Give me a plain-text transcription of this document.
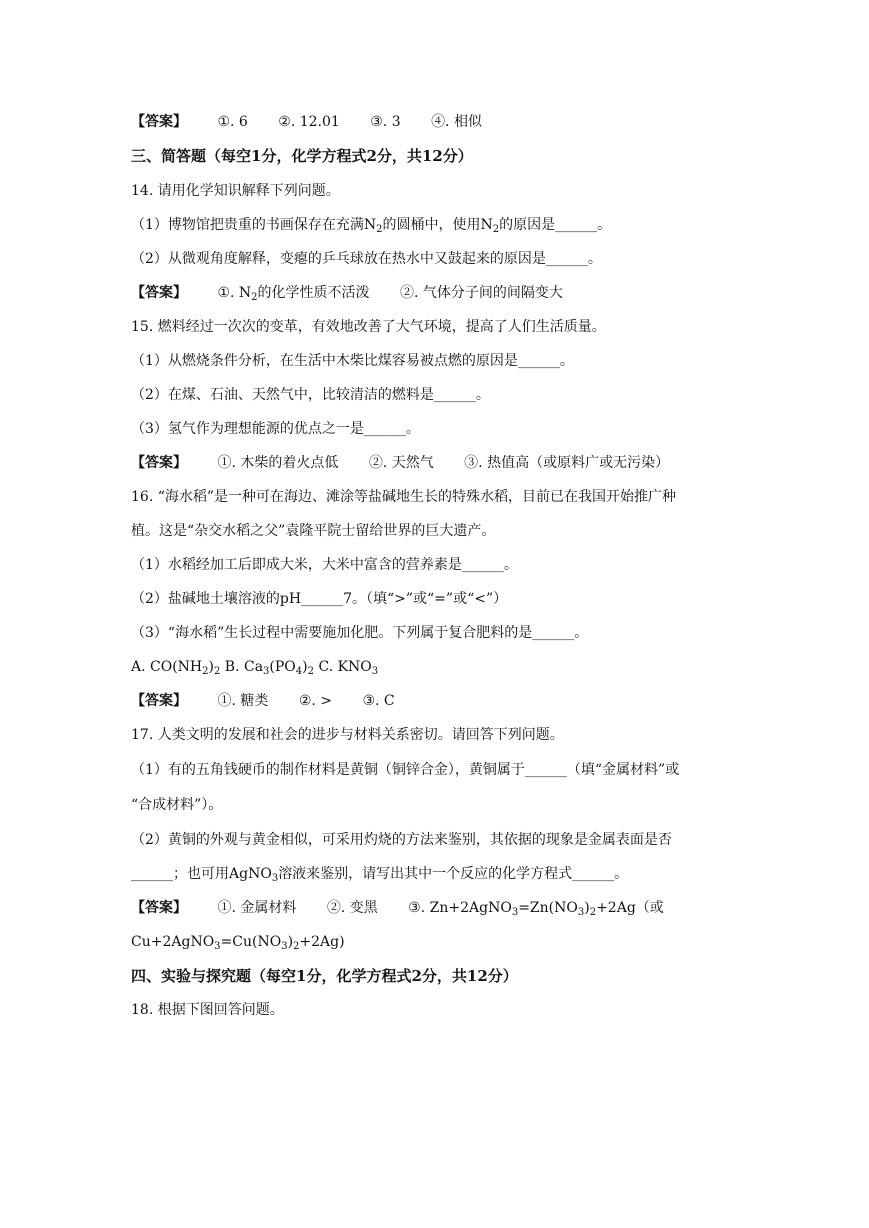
【答案】 ①. 6 ②. 12.01 ③. 3 ④. 相似
三、简答题（每空1分，化学方程式2分，共12分）
14. 请用化学知识解释下列问题。
（1）博物馆把贵重的书画保存在充满$N_2$的圆桶中，使用$N_2$的原因是______。
（2）从微观角度解释，变瘪的乒乓球放在热水中又鼓起来的原因是______。
【答案】 ①. $N_2$的化学性质不活泼 ②. 气体分子间的间隔变大
15. 燃料经过一次次的变革，有效地改善了大气环境，提高了人们生活质量。
（1）从燃烧条件分析，在生活中木柴比煤容易被点燃的原因是______。
（2）在煤、石油、天然气中，比较清洁的燃料是______。
（3）氢气作为理想能源的优点之一是______。
【答案】 ①. 木柴的着火点低 ②. 天然气 ③. 热值高（或原料广或无污染）
16. “海水稻”是一种可在海边、滩涂等盐碱地生长的特殊水稻，目前已在我国开始推广种
植。这是“杂交水稻之父”袁隆平院士留给世界的巨大遗产。
（1）水稻经加工后即成大米，大米中富含的营养素是______。
（2）盐碱地土壤溶液的pH______7。（填“>”或“=”或“<”）
（3）“海水稻”生长过程中需要施加化肥。下列属于复合肥料的是______。
A. $CO(NH_2)_2$ B. $Ca_3(PO_4)_2$ C. $KNO_3$
【答案】 ①. 糖类 ②. > ③. C
17. 人类文明的发展和社会的进步与材料关系密切。请回答下列问题。
（1）有的五角钱硬币的制作材料是黄铜（铜锌合金），黄铜属于______（填“金属材料”或
“合成材料”）。
（2）黄铜的外观与黄金相似，可采用灼烧的方法来鉴别，其依据的现象是金属表面是否
______；也可用AgNO$_3$溶液来鉴别，请写出其中一个反应的化学方程式______。
【答案】 ①. 金属材料 ②. 变黑 ③. $Zn+2AgNO_3=Zn(NO_3)_2+2Ag$（或
$Cu+2AgNO_3=Cu(NO_3)_2+2Ag$)
四、实验与探究题（每空1分，化学方程式2分，共12分）
18. 根据下图回答问题。
